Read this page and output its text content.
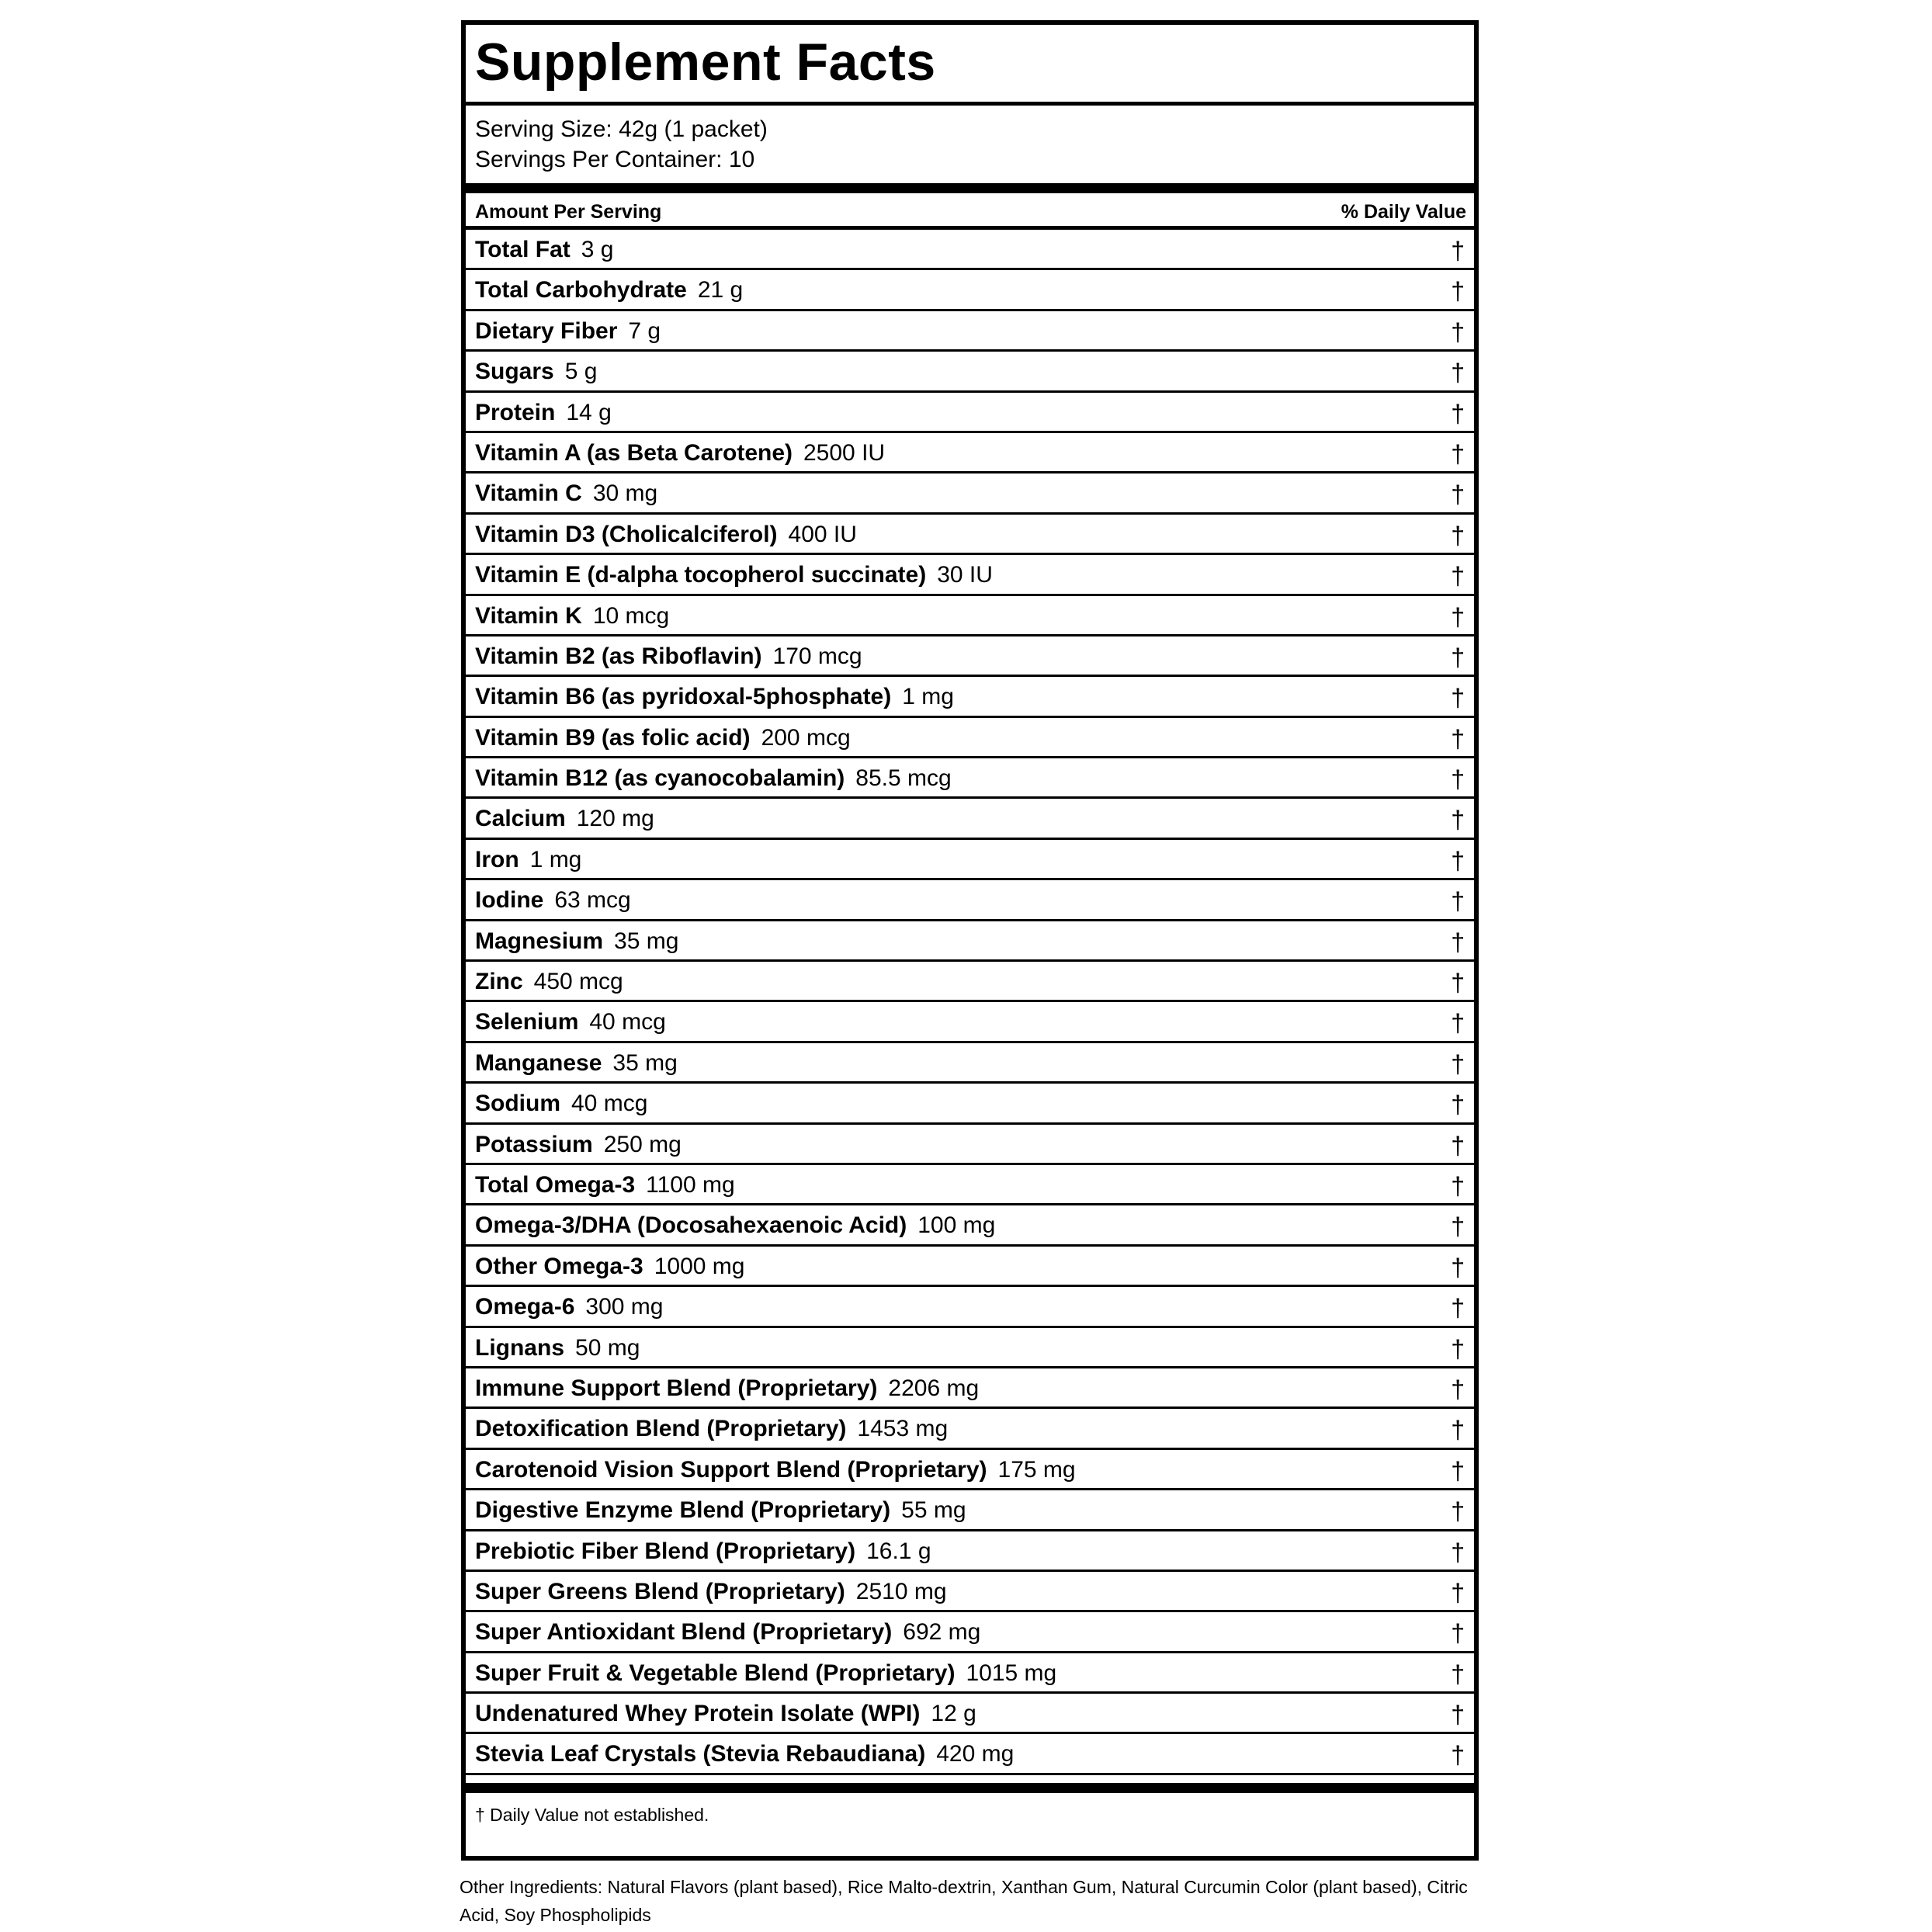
Supplement Facts
Serving Size: 42g (1 packet)
Servings Per Container: 10
Amount Per Serving	% Daily Value
Total Fat 3 g	†
Total Carbohydrate 21 g	†
Dietary Fiber 7 g	†
Sugars 5 g	†
Protein 14 g	†
Vitamin A (as Beta Carotene) 2500 IU	†
Vitamin C 30 mg	†
Vitamin D3 (Cholicalciferol) 400 IU	†
Vitamin E (d-alpha tocopherol succinate) 30 IU	†
Vitamin K 10 mcg	†
Vitamin B2 (as Riboflavin) 170 mcg	†
Vitamin B6 (as pyridoxal-5phosphate) 1 mg	†
Vitamin B9 (as folic acid) 200 mcg	†
Vitamin B12 (as cyanocobalamin) 85.5 mcg	†
Calcium 120 mg	†
Iron 1 mg	†
Iodine 63 mcg	†
Magnesium 35 mg	†
Zinc 450 mcg	†
Selenium 40 mcg	†
Manganese 35 mg	†
Sodium 40 mcg	†
Potassium 250 mg	†
Total Omega-3 1100 mg	†
Omega-3/DHA (Docosahexaenoic Acid) 100 mg	†
Other Omega-3 1000 mg	†
Omega-6 300 mg	†
Lignans 50 mg	†
Immune Support Blend (Proprietary) 2206 mg	†
Detoxification Blend (Proprietary) 1453 mg	†
Carotenoid Vision Support Blend (Proprietary) 175 mg	†
Digestive Enzyme Blend (Proprietary) 55 mg	†
Prebiotic Fiber Blend (Proprietary) 16.1 g	†
Super Greens Blend (Proprietary) 2510 mg	†
Super Antioxidant Blend (Proprietary) 692 mg	†
Super Fruit & Vegetable Blend (Proprietary) 1015 mg	†
Undenatured Whey Protein Isolate (WPI) 12 g	†
Stevia Leaf Crystals (Stevia Rebaudiana) 420 mg	†
† Daily Value not established.
Other Ingredients: Natural Flavors (plant based), Rice Malto-dextrin, Xanthan Gum, Natural Curcumin Color (plant based), Citric Acid, Soy Phospholipids
